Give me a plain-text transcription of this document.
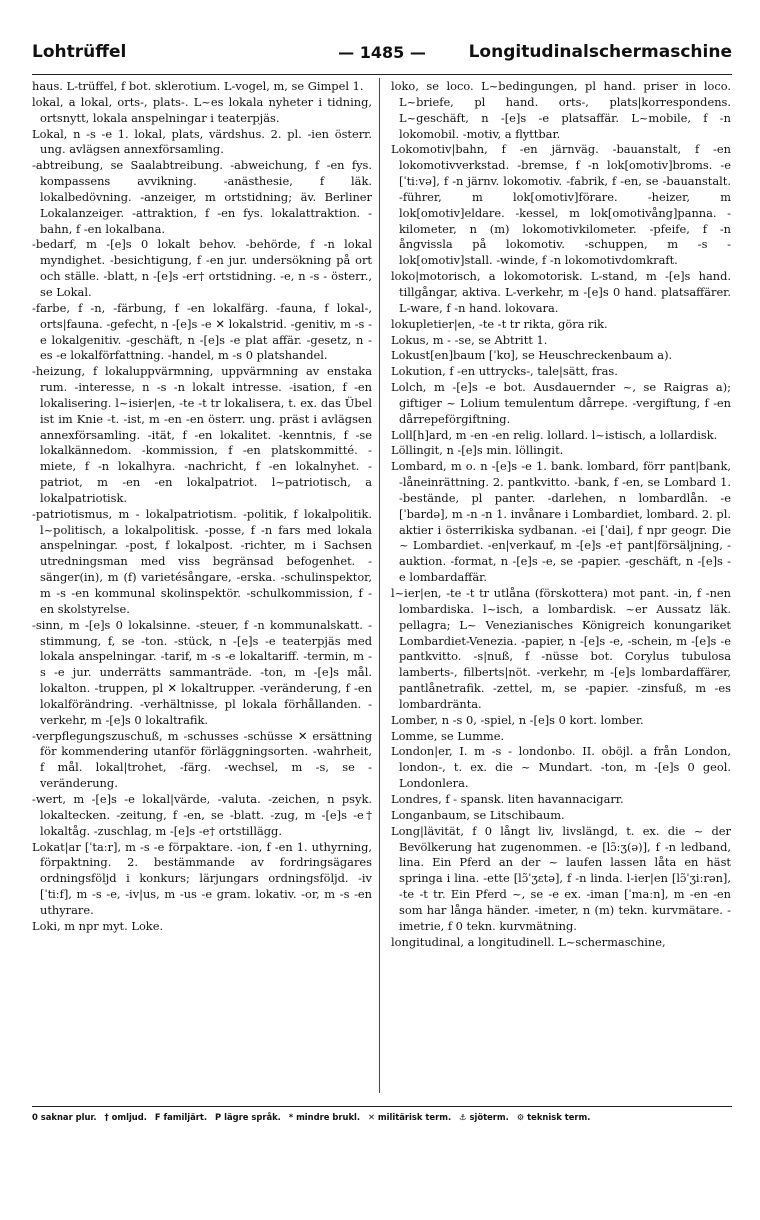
Lohtrüffel	— 1485 —	Longitudinalschermaschine

haus. L-trüffel, f bot. sklerotium. L-vogel, m, se Gimpel 1.

lokal, a lokal, orts-, plats-. L~es lokala nyheter i tidning, ortsnytt, lokala anspelningar i teaterpjäs.

Lokal, n -s -e 1. lokal, plats, värdshus. 2. pl. -ien österr. ung. avlägsen annexförsamling.

-abtreibung, se Saalabtreibung. -abweichung, f -en fys. kompassens avvikning. -anästhesie, f läk. lokalbedövning. -anzeiger, m ortstidning; äv. Berliner Lokalanzeiger. -attraktion, f -en fys. lokalattraktion. -bahn, f -en lokalbana.

-bedarf, m -[e]s 0 lokalt behov. -behörde, f -n lokal myndighet. -besichtigung, f -en jur. undersökning på ort och ställe. -blatt, n -[e]s -er† ortstidning. -e, n -s - österr., se Lokal.

-farbe, f -n, -färbung, f -en lokalfärg. -fauna, f lokal-, orts|fauna. -gefecht, n -[e]s -e ✕ lokalstrid. -genitiv, m -s -e lokalgenitiv. -geschäft, n -[e]s -e plat affär. -gesetz, n -es -e lokalförfattning. -handel, m -s 0 platshandel.

-heizung, f lokaluppvärmning, uppvärmning av enstaka rum. -interesse, n -s -n lokalt intresse. -isation, f -en lokalisering. l~isier|en, -te -t tr lokalisera, t. ex. das Übel ist im Knie -t. -ist, m -en -en österr. ung. präst i avlägsen annexförsamling. -ität, f -en lokalitet. -kenntnis, f -se lokalkännedom. -kommission, f -en platskommitté. -miete, f -n lokalhyra. -nachricht, f -en lokalnyhet. -patriot, m -en -en lokalpatriot. l~patriotisch, a lokalpatriotisk.

-patriotismus, m - lokalpatriotism. -politik, f lokalpolitik. l~politisch, a lokalpolitisk. -posse, f -n fars med lokala anspelningar. -post, f lokalpost. -richter, m i Sachsen utredningsman med viss begränsad befogenhet. -sänger(in), m (f) varietésångare, -erska. -schulinspektor, m -s -en kommunal skolinspektör. -schulkommission, f -en skolstyrelse.

-sinn, m -[e]s 0 lokalsinne. -steuer, f -n kommunalskatt. -stimmung, f, se -ton. -stück, n -[e]s -e teaterpjäs med lokala anspelningar. -tarif, m -s -e lokaltariff. -termin, m -s -e jur. underrätts sammanträde. -ton, m -[e]s mål. lokalton. -truppen, pl ✕ lokaltrupper. -veränderung, f -en lokalförändring. -verhältnisse, pl lokala förhållanden. -verkehr, m -[e]s 0 lokaltrafik.

-verpflegungszuschuß, m -schusses -schüsse ✕ ersättning för kommendering utanför förläggningsorten. -wahrheit, f mål. lokal|trohet, -färg. -wechsel, m -s, se -veränderung.

-wert, m -[e]s -e lokal|värde, -valuta. -zeichen, n psyk. lokaltecken. -zeitung, f -en, se -blatt. -zug, m -[e]s -e† lokaltåg. -zuschlag, m -[e]s -e† ortstillägg.

Lokat|ar [ˈtaːr], m -s -e förpaktare. -ion, f -en 1. uthyrning, förpaktning. 2. bestämmande av fordringsägares ordningsföljd i konkurs; lärjungars ordningsföljd. -iv [ˈtiːf], m -s -e, -iv|us, m -us -e gram. lokativ. -or, m -s -en uthyrare.

Loki, m npr myt. Loke.

loko, se loco. L~bedingungen, pl hand. priser in loco. L~briefe, pl hand. orts-, plats|korrespondens. L~geschäft, n -[e]s -e platsaffär. L~mobile, f -n lokomobil. -motiv, a flyttbar.

Lokomotiv|bahn, f -en järnväg. -bauanstalt, f -en lokomotivverkstad. -bremse, f -n lok[omotiv]broms. -e [ˈtiːvə], f -n järnv. lokomotiv. -fabrik, f -en, se -bauanstalt. -führer, m lok[omotiv]förare. -heizer, m lok[omotiv]eldare. -kessel, m lok[omotivång]panna. -kilometer, n (m) lokomotivkilometer. -pfeife, f -n ångvissla på lokomotiv. -schuppen, m -s - lok[omotiv]stall. -winde, f -n lokomotivdomkraft.

loko|motorisch, a lokomotorisk. L-stand, m -[e]s hand. tillgångar, aktiva. L-verkehr, m -[e]s 0 hand. platsaffärer. L-ware, f -n hand. lokovara.

lokupletier|en, -te -t tr rikta, göra rik.

Lokus, m - -se, se Abtritt 1.

Lokust[en]baum [ˈkʊ], se Heuschreckenbaum a).

Lokution, f -en uttrycks-, tale|sätt, fras.

Lolch, m -[e]s -e bot. Ausdauernder ~, se Raigras a); giftiger ~ Lolium temulentum dårrepe. -vergiftung, f -en dårrepeförgiftning.

Loll[h]ard, m -en -en relig. lollard. l~istisch, a lollardisk.

Löllingit, n -[e]s min. löllingit.

Lombard, m o. n -[e]s -e 1. bank. lombard, förr pant|bank, -låneinrättning. 2. pantkvitto. -bank, f -en, se Lombard 1. -bestände, pl panter. -darlehen, n lombardlån. -e [ˈbardə], m -n -n 1. invånare i Lombardiet, lombard. 2. pl. aktier i österrikiska sydbanan. -ei [ˈdai], f npr geogr. Die ~ Lombardiet. -en|verkauf, m -[e]s -e† pant|försäljning, -auktion. -format, n -[e]s -e, se -papier. -geschäft, n -[e]s -e lombardaffär.

l~ier|en, -te -t tr utlåna (förskottera) mot pant. -in, f -nen lombardiska. l~isch, a lombardisk. ~er Aussatz läk. pellagra; L~ Venezianisches Königreich konungariket Lombardiet-Venezia. -papier, n -[e]s -e, -schein, m -[e]s -e pantkvitto. -s|nuß, f -nüsse bot. Corylus tubulosa lamberts-, filberts|nöt. -verkehr, m -[e]s lombardaffärer, pantlånetrafik. -zettel, m, se -papier. -zinsfuß, m -es lombardränta.

Lomber, n -s 0, -spiel, n -[e]s 0 kort. lomber.

Lomme, se Lumme.

London|er, I. m -s - londonbo. II. oböjl. a från London, london-, t. ex. die ~ Mundart. -ton, m -[e]s 0 geol. Londonlera.

Londres, f - spansk. liten havannacigarr.

Longanbaum, se Litschibaum.

Long|lävität, f 0 långt liv, livslängd, t. ex. die ~ der Bevölkerung hat zugenommen. -e [lɔ̃ːʒ(ə)], f -n ledband, lina. Ein Pferd an der ~ laufen lassen låta en häst springa i lina. -ette [lɔ̃ˈʒɛtə], f -n linda. l-ier|en [lɔ̃ˈʒiːrən], -te -t tr. Ein Pferd ~, se -e ex. -iman [ˈmaːn], m -en -en som har långa händer. -imeter, n (m) tekn. kurvmätare. -imetrie, f 0 tekn. kurvmätning.

longitudinal, a longitudinell. L~schermaschine,

0 saknar plur. † omljud. F familjärt. P lägre språk. * mindre brukl. ✕ militärisk term. ⚓ sjöterm. ⚙ teknisk term.
